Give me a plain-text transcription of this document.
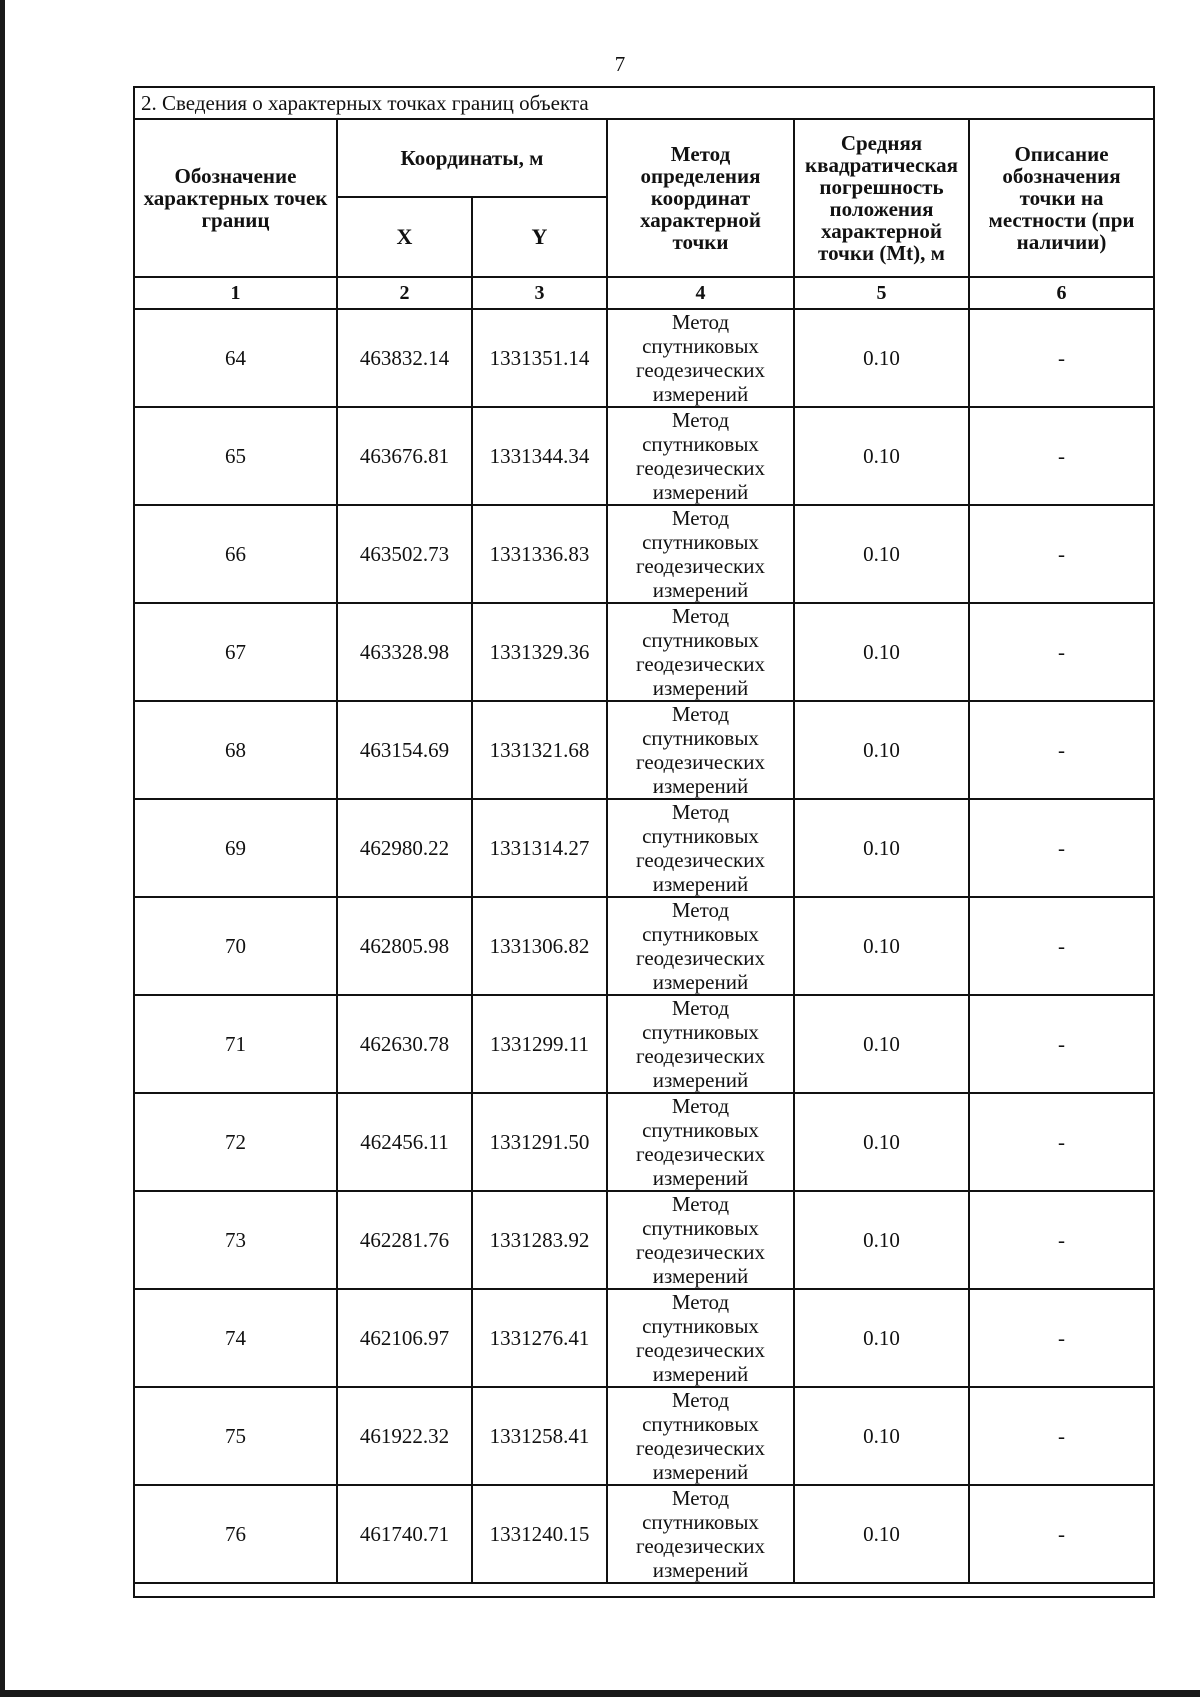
7
2. Сведения о характерных точках границ объекта					
Обозначение характерных точек границ	Координаты, м		Метод определения координат характерной точки	Средняя квадратическая погрешность положения характерной точки (Mt), м	Описание обозначения точки на местности (при наличии)
	X	Y			
1	2	3	4	5	6
64	463832.14	1331351.14	Метод спутниковых геодезических измерений	0.10	-
65	463676.81	1331344.34	Метод спутниковых геодезических измерений	0.10	-
66	463502.73	1331336.83	Метод спутниковых геодезических измерений	0.10	-
67	463328.98	1331329.36	Метод спутниковых геодезических измерений	0.10	-
68	463154.69	1331321.68	Метод спутниковых геодезических измерений	0.10	-
69	462980.22	1331314.27	Метод спутниковых геодезических измерений	0.10	-
70	462805.98	1331306.82	Метод спутниковых геодезических измерений	0.10	-
71	462630.78	1331299.11	Метод спутниковых геодезических измерений	0.10	-
72	462456.11	1331291.50	Метод спутниковых геодезических измерений	0.10	-
73	462281.76	1331283.92	Метод спутниковых геодезических измерений	0.10	-
74	462106.97	1331276.41	Метод спутниковых геодезических измерений	0.10	-
75	461922.32	1331258.41	Метод спутниковых геодезических измерений	0.10	-
76	461740.71	1331240.15	Метод спутниковых геодезических измерений	0.10	-
